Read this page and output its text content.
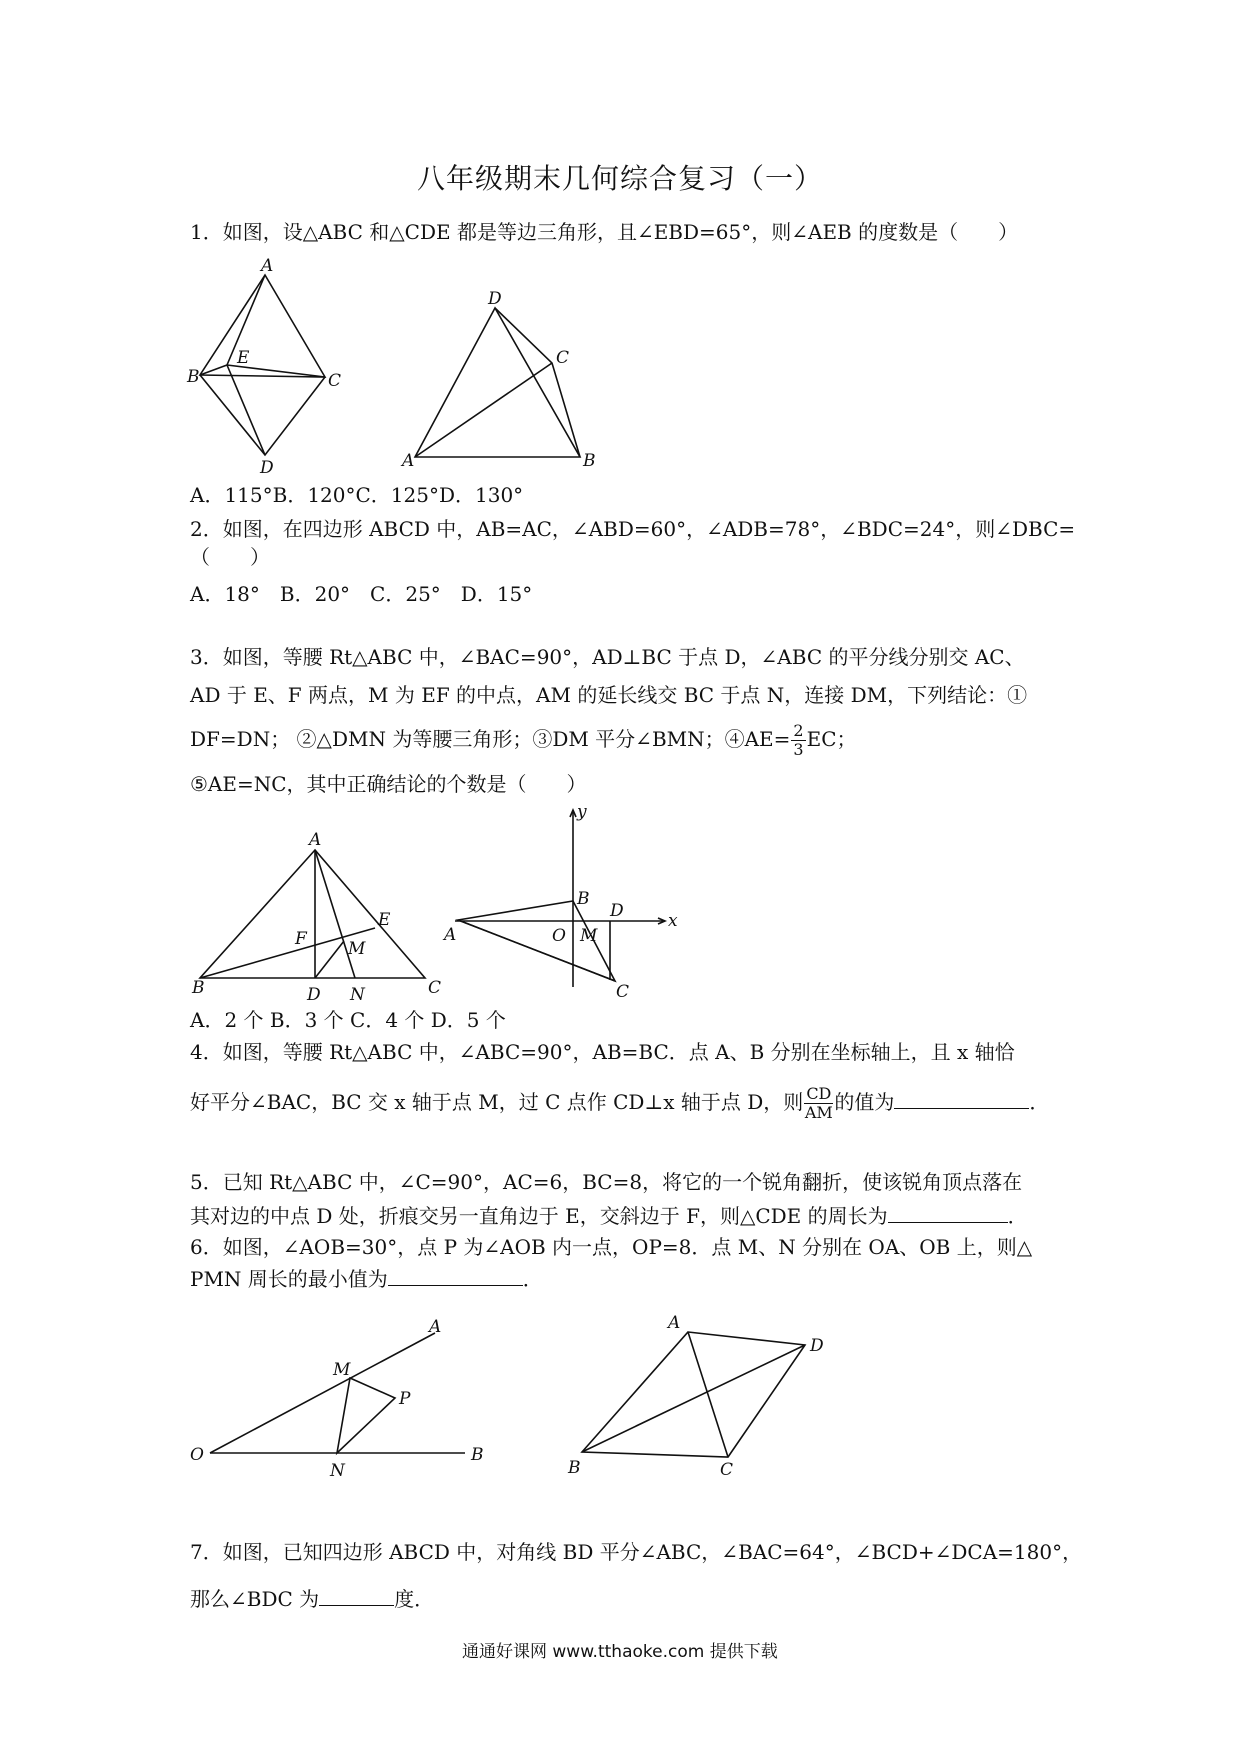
八年级期末几何综合复习（一）
1．如图，设△ABC 和△CDE 都是等边三角形，且∠EBD=65°，则∠AEB 的度数是（　　）
A
B	C
D
E
D
C
A	B
A．115°B．120°C．125°D．130°
2．如图，在四边形 ABCD 中，AB=AC，∠ABD=60°，∠ADB=78°，∠BDC=24°，则∠DBC=
（　　）
A．18°　B．20°　C．25°　D．15°
3．如图，等腰 Rt△ABC 中，∠BAC=90°，AD⊥BC 于点 D，∠ABC 的平分线分别交 AC、
AD 于 E、F 两点，M 为 EF 的中点，AM 的延长线交 BC 于点 N，连接 DM，下列结论：①
DF=DN； ②△DMN 为等腰三角形；③DM 平分∠BMN；④AE= $\frac{2}{3}$ EC；
⑤AE=NC，其中正确结论的个数是（　　）
A
B	C
D N
E
F M
y
x
B
A	O M
D
C
A．2 个 B．3 个 C．4 个 D．5 个
4．如图，等腰 Rt△ABC 中，∠ABC=90°，AB=BC．点 A、B 分别在坐标轴上，且 x 轴恰
好平分∠BAC，BC 交 x 轴于点 M，过 C 点作 CD⊥x 轴于点 D，则 $\frac{CD}{AM}$ 的值为	．
5．已知 Rt△ABC 中，∠C=90°，AC=6，BC=8，将它的一个锐角翻折，使该锐角顶点落在
其对边的中点 D 处，折痕交另一直角边于 E，交斜边于 F，则△CDE 的周长为	．
6．如图，∠AOB=30°，点 P 为∠AOB 内一点，OP=8．点 M、N 分别在 OA、OB 上，则△
PMN 周长的最小值为	．
A
B
O
M
P
N
A
D
B	C
7．如图，已知四边形 ABCD 中，对角线 BD 平分∠ABC，∠BAC=64°，∠BCD+∠DCA=180°，
那么∠BDC 为	度．
通通好课网 www.tthaoke.com 提供下载
